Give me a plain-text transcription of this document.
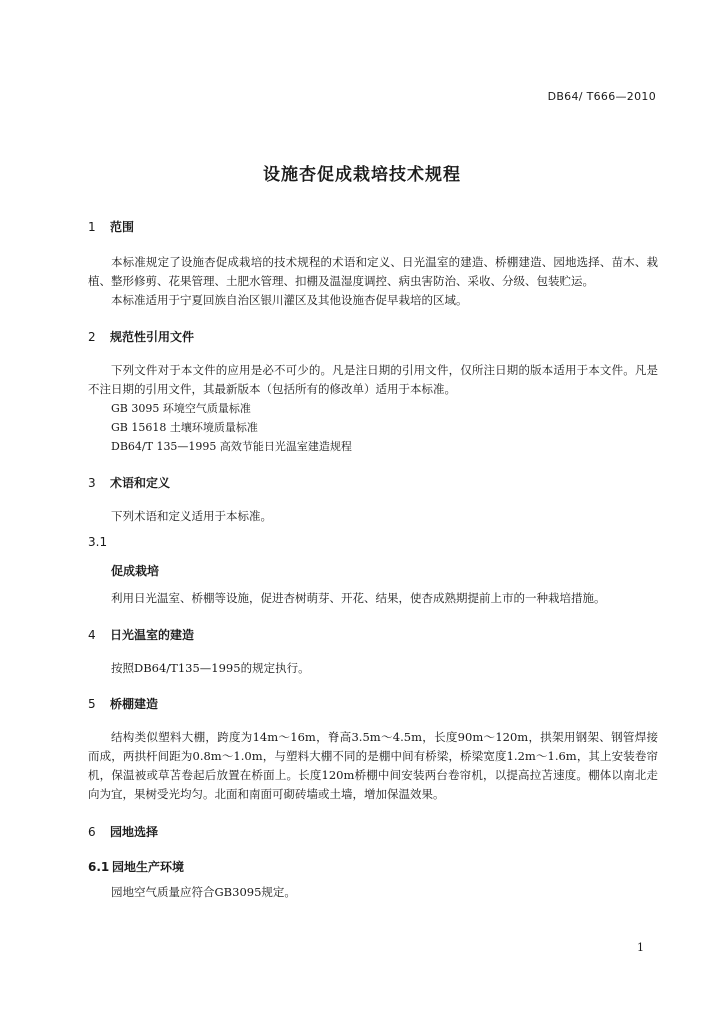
DB64/ T666—2010
设施杏促成栽培技术规程
1 范围

本标准规定了设施杏促成栽培的技术规程的术语和定义、日光温室的建造、桥棚建造、园地选择、苗木、栽植、整形修剪、花果管理、土肥水管理、扣棚及温湿度调控、病虫害防治、采收、分级、包装贮运。

本标准适用于宁夏回族自治区银川灌区及其他设施杏促早栽培的区域。

2 规范性引用文件

下列文件对于本文件的应用是必不可少的。凡是注日期的引用文件，仅所注日期的版本适用于本文件。凡是不注日期的引用文件，其最新版本（包括所有的修改单）适用于本标准。

GB 3095 环境空气质量标准

GB 15618 土壤环境质量标准

DB64/T 135—1995 高效节能日光温室建造规程

3 术语和定义

下列术语和定义适用于本标准。

3.1
促成栽培

利用日光温室、桥棚等设施，促进杏树萌芽、开花、结果，使杏成熟期提前上市的一种栽培措施。

4 日光温室的建造

按照DB64/T135—1995的规定执行。

5 桥棚建造

结构类似塑料大棚，跨度为14m～16m，脊高3.5m～4.5m，长度90m～120m，拱架用钢架、钢管焊接而成，两拱杆间距为0.8m～1.0m，与塑料大棚不同的是棚中间有桥梁，桥梁宽度1.2m～1.6m，其上安装卷帘机，保温被或草苫卷起后放置在桥面上。长度120m桥棚中间安装两台卷帘机，以提高拉苫速度。棚体以南北走向为宜，果树受光均匀。北面和南面可砌砖墙或土墙，增加保温效果。

6 园地选择
6.1 园地生产环境

园地空气质量应符合GB3095规定。

1
